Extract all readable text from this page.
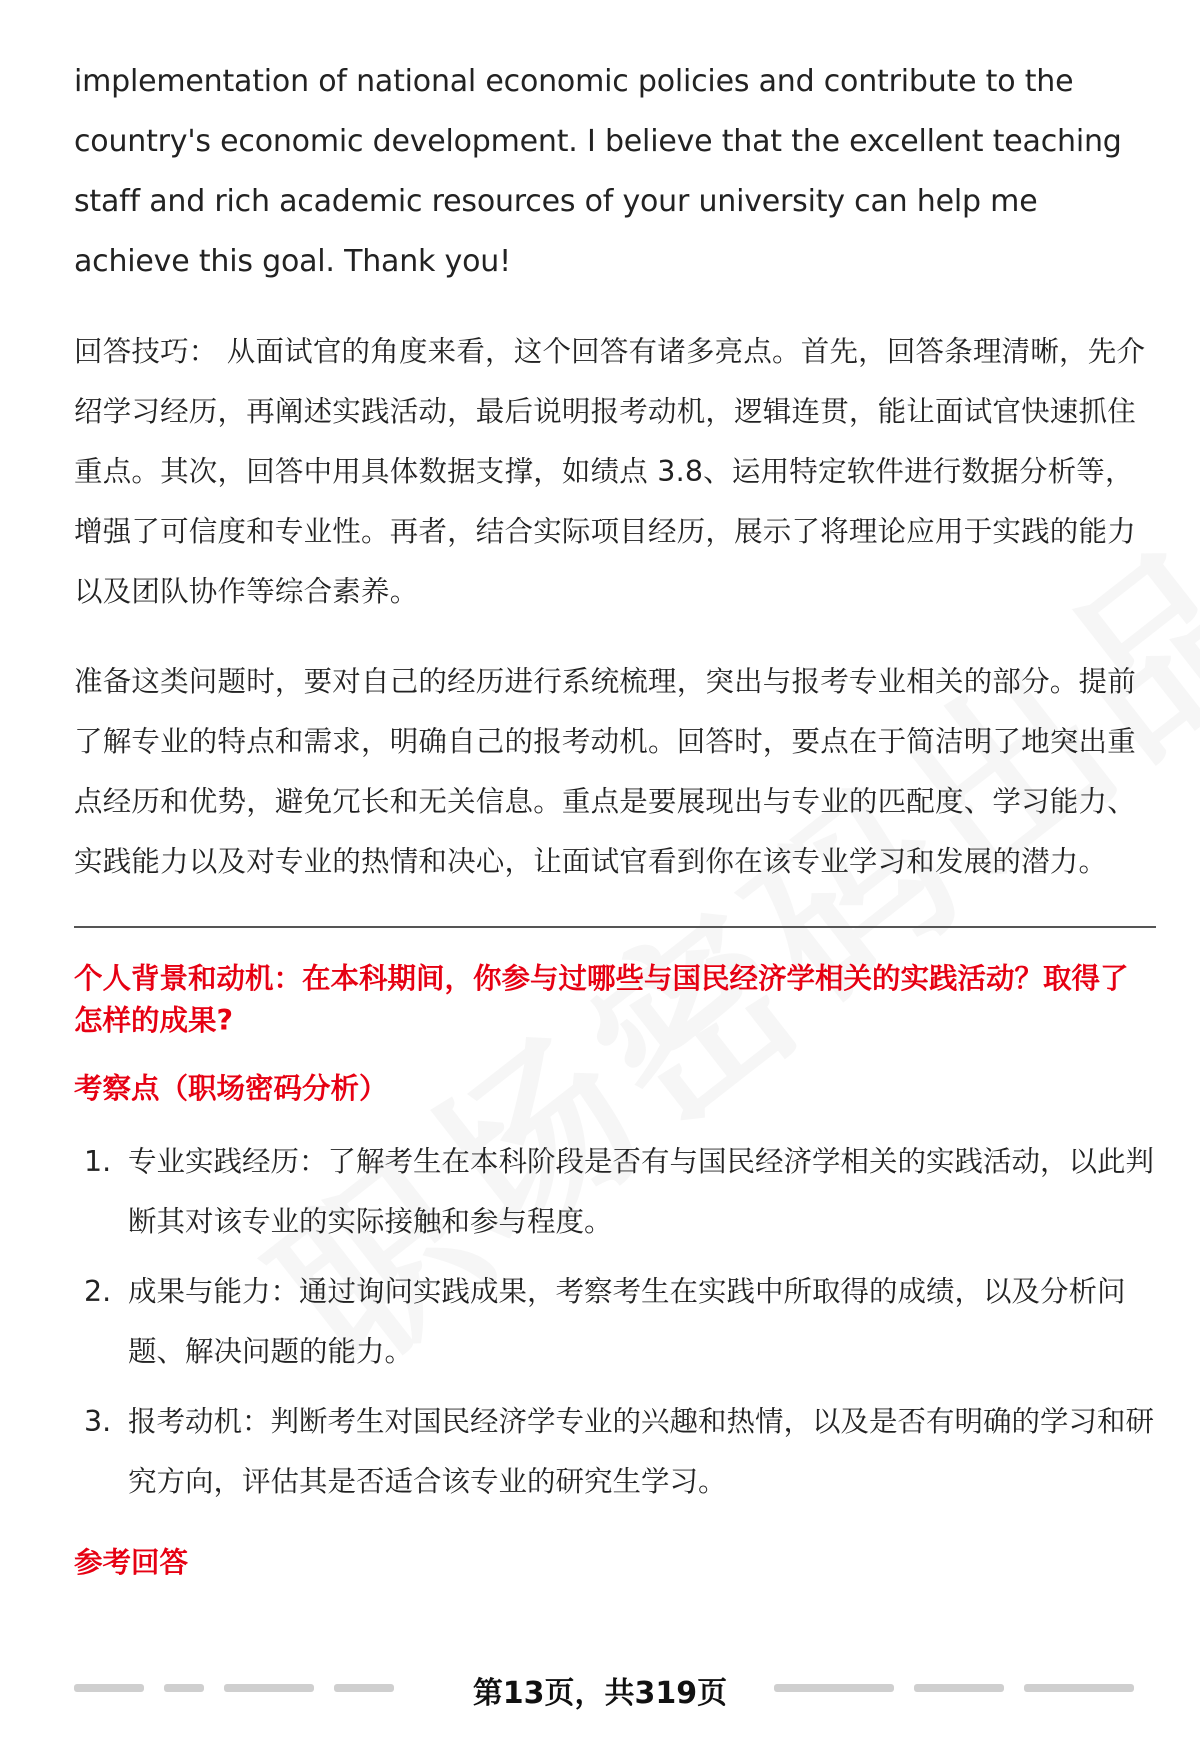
implementation of national economic policies and contribute to the country's economic development. I believe that the excellent teaching staff and rich academic resources of your university can help me achieve this goal. Thank you!

回答技巧： 从面试官的角度来看，这个回答有诸多亮点。首先，回答条理清晰，先介绍学习经历，再阐述实践活动，最后说明报考动机，逻辑连贯，能让面试官快速抓住重点。其次，回答中用具体数据支撑，如绩点 3.8、运用特定软件进行数据分析等，增强了可信度和专业性。再者，结合实际项目经历，展示了将理论应用于实践的能力以及团队协作等综合素养。

准备这类问题时，要对自己的经历进行系统梳理，突出与报考专业相关的部分。提前了解专业的特点和需求，明确自己的报考动机。回答时，要点在于简洁明了地突出重点经历和优势，避免冗长和无关信息。重点是要展现出与专业的匹配度、学习能力、实践能力以及对专业的热情和决心，让面试官看到你在该专业学习和发展的潜力。

个人背景和动机：在本科期间，你参与过哪些与国民经济学相关的实践活动？取得了怎样的成果?
考察点（职场密码分析）
1. 专业实践经历：了解考生在本科阶段是否有与国民经济学相关的实践活动，以此判断其对该专业的实际接触和参与程度。
2. 成果与能力：通过询问实践成果，考察考生在实践中所取得的成绩，以及分析问题、解决问题的能力。
3. 报考动机：判断考生对国民经济学专业的兴趣和热情，以及是否有明确的学习和研究方向，评估其是否适合该专业的研究生学习。
参考回答
第13页，共319页
